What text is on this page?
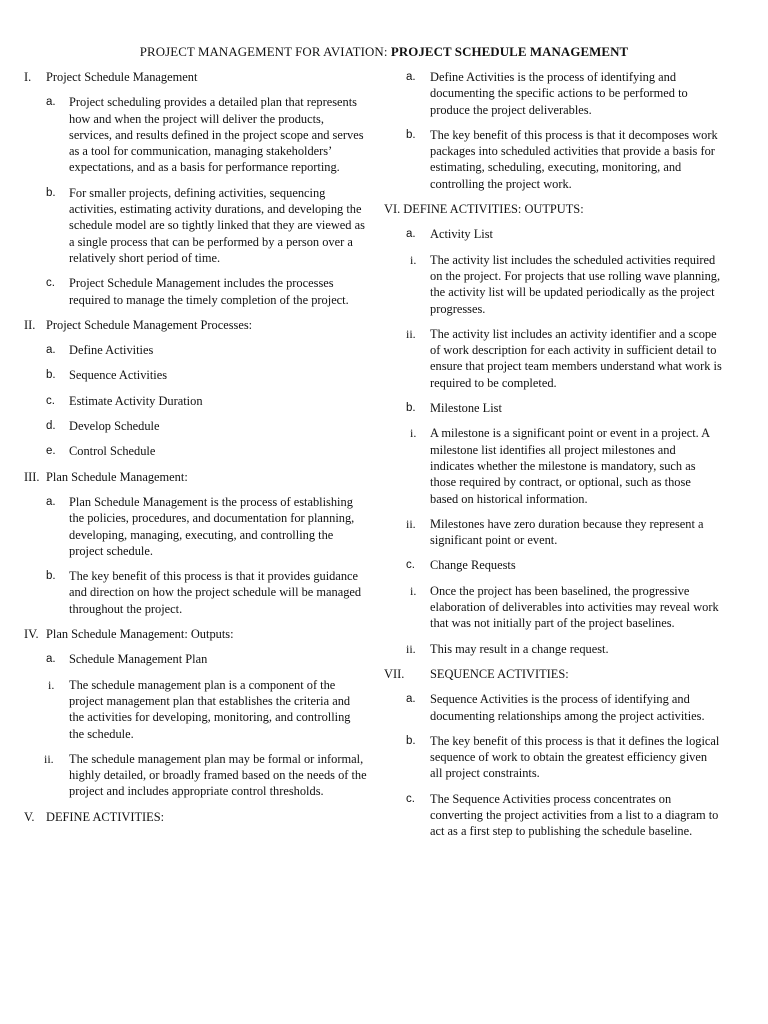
PROJECT MANAGEMENT FOR AVIATION: PROJECT SCHEDULE MANAGEMENT
I. Project Schedule Management
a. Project scheduling provides a detailed plan that represents how and when the project will deliver the products, services, and results defined in the project scope and serves as a tool for communication, managing stakeholders’ expectations, and as a basis for performance reporting.
b. For smaller projects, defining activities, sequencing activities, estimating activity durations, and developing the schedule model are so tightly linked that they are viewed as a single process that can be performed by a person over a relatively short period of time.
c. Project Schedule Management includes the processes required to manage the timely completion of the project.
II. Project Schedule Management Processes:
a. Define Activities
b. Sequence Activities
c. Estimate Activity Duration
d. Develop Schedule
e. Control Schedule
III. Plan Schedule Management:
a. Plan Schedule Management is the process of establishing the policies, procedures, and documentation for planning, developing, managing, executing, and controlling the project schedule.
b. The key benefit of this process is that it provides guidance and direction on how the project schedule will be managed throughout the project.
IV. Plan Schedule Management: Outputs:
a. Schedule Management Plan
i. The schedule management plan is a component of the project management plan that establishes the criteria and the activities for developing, monitoring, and controlling the schedule.
ii. The schedule management plan may be formal or informal, highly detailed, or broadly framed based on the needs of the project and includes appropriate control thresholds.
V. DEFINE ACTIVITIES:
a. Define Activities is the process of identifying and documenting the specific actions to be performed to produce the project deliverables.
b. The key benefit of this process is that it decomposes work packages into scheduled activities that provide a basis for estimating, scheduling, executing, monitoring, and controlling the project work.
VI. DEFINE ACTIVITIES: OUTPUTS:
a. Activity List
i. The activity list includes the scheduled activities required on the project. For projects that use rolling wave planning, the activity list will be updated periodically as the project progresses.
ii. The activity list includes an activity identifier and a scope of work description for each activity in sufficient detail to ensure that project team members understand what work is required to be completed.
b. Milestone List
i. A milestone is a significant point or event in a project. A milestone list identifies all project milestones and indicates whether the milestone is mandatory, such as those required by contract, or optional, such as those based on historical information.
ii. Milestones have zero duration because they represent a significant point or event.
c. Change Requests
i. Once the project has been baselined, the progressive elaboration of deliverables into activities may reveal work that was not initially part of the project baselines.
ii. This may result in a change request.
VII. SEQUENCE ACTIVITIES:
a. Sequence Activities is the process of identifying and documenting relationships among the project activities.
b. The key benefit of this process is that it defines the logical sequence of work to obtain the greatest efficiency given all project constraints.
c. The Sequence Activities process concentrates on converting the project activities from a list to a diagram to act as a first step to publishing the schedule baseline.
